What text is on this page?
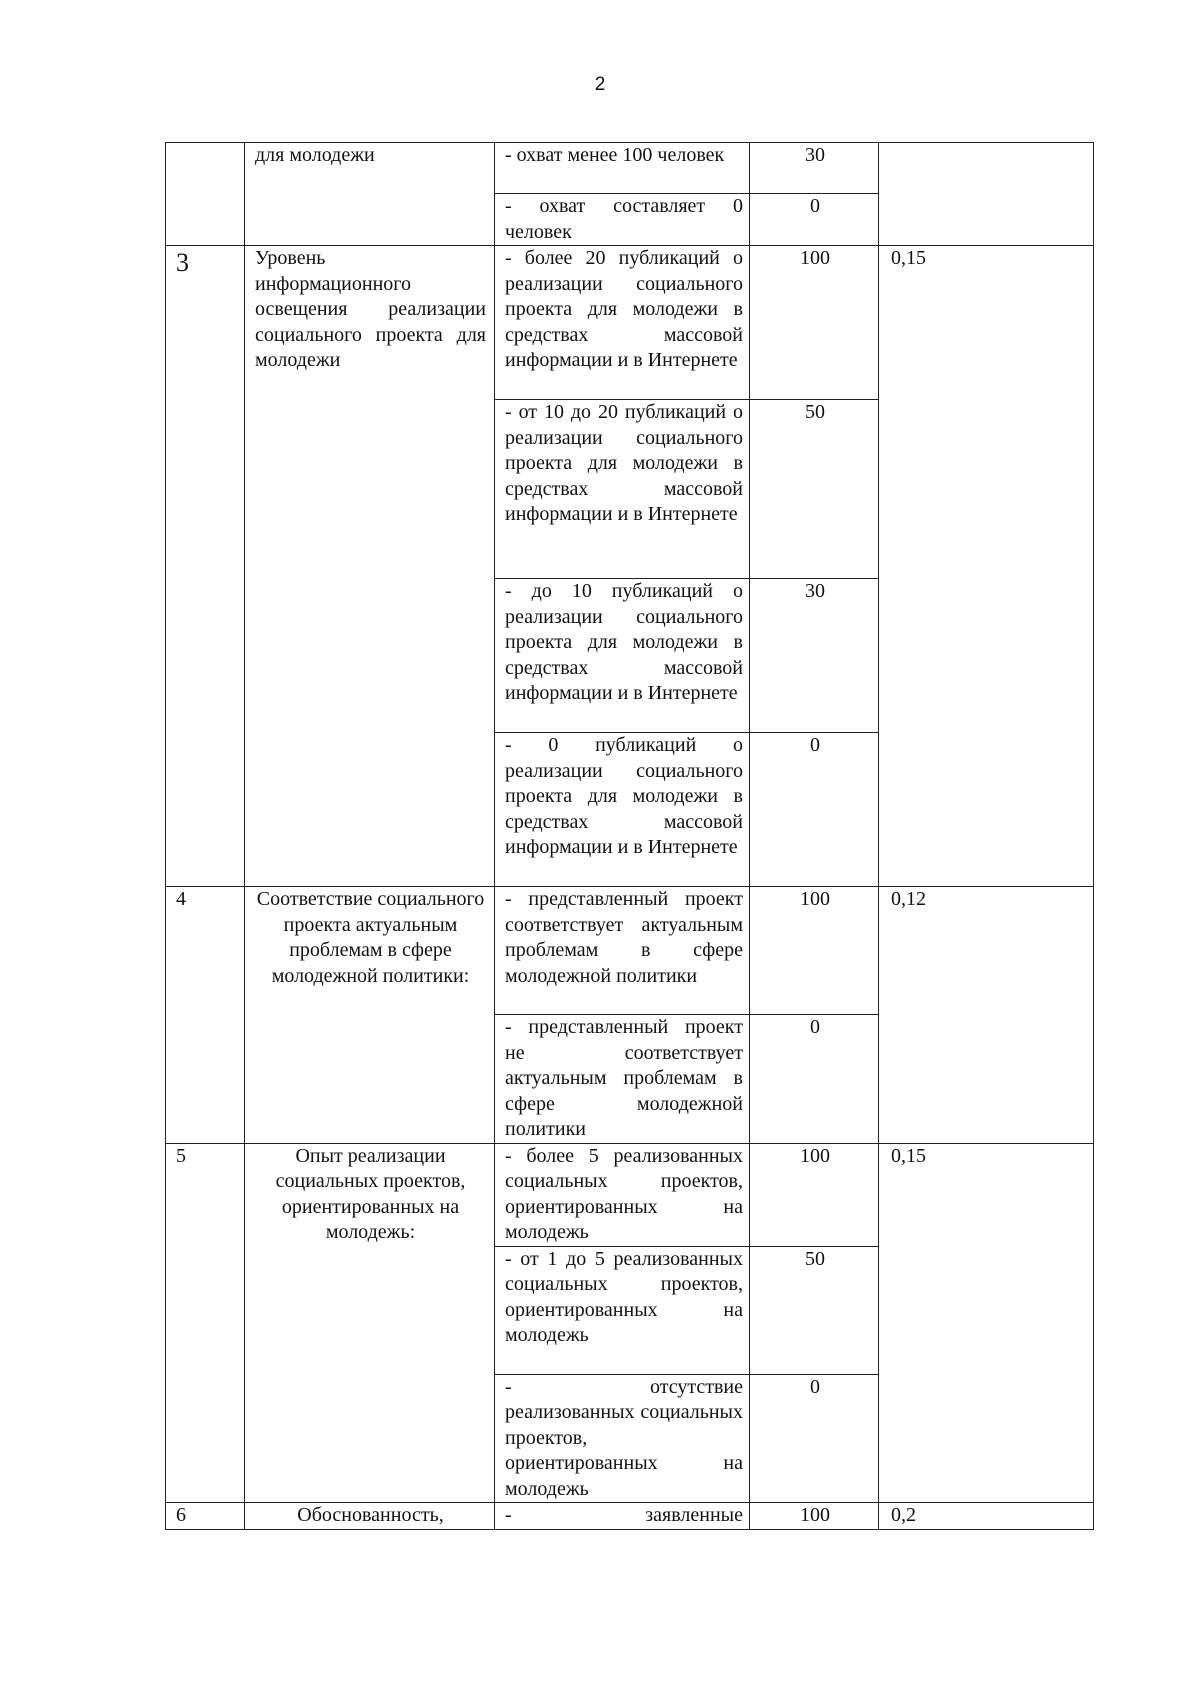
2
	для молодежи	- охват менее 100 человек	30	
		- охват составляет 0 человек	0	
3	Уровень информационного освещения реализации социального проекта для молодежи	- более 20 публикаций о реализации социального проекта для молодежи в средствах массовой информации и в Интернете	100	0,15
		- от 10 до 20 публикаций о реализации социального проекта для молодежи в средствах массовой информации и в Интернете	50	
		- до 10 публикаций о реализации социального проекта для молодежи в средствах массовой информации и в Интернете	30	
		- 0 публикаций о реализации социального проекта для молодежи в средствах массовой информации и в Интернете	0	
4	Соответствие социального проекта актуальным проблемам в сфере молодежной политики:	- представленный проект соответствует актуальным проблемам в сфере молодежной политики	100	0,12
		- представленный проект не соответствует актуальным проблемам в сфере молодежной политики	0	
5	Опыт реализации социальных проектов, ориентированных на молодежь:	- более 5 реализованных социальных проектов, ориентированных на молодежь	100	0,15
		- от 1 до 5 реализованных социальных проектов, ориентированных на молодежь	50	
		- отсутствие реализованных социальных проектов, ориентированных на молодежь	0	
6	Обоснованность,	- заявленные	100	0,2
